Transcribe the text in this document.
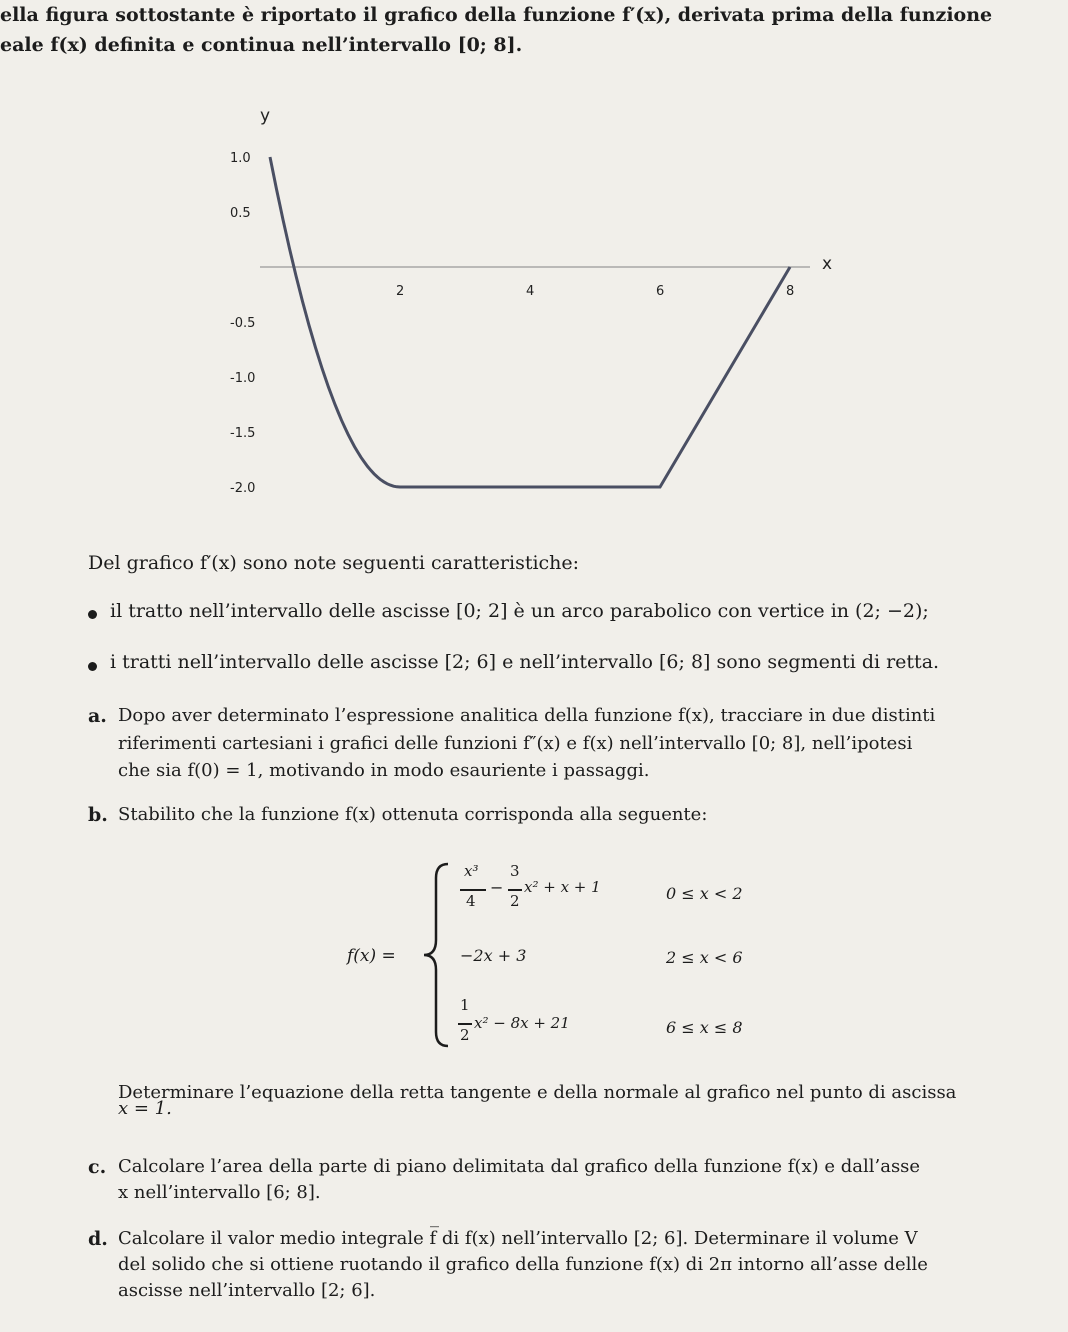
ella figura sottostante è riportato il grafico della funzione f′(x), derivata prima della funzione
eale f(x) definita e continua nell’intervallo [0; 8].
y
x
2	4	6	8
1.0
0.5
-0.5
-1.0
-1.5
-2.0
Del grafico f′(x) sono note seguenti caratteristiche:
il tratto nell’intervallo delle ascisse [0; 2] è un arco parabolico con vertice in (2; −2);
i tratti nell’intervallo delle ascisse [2; 6] e nell’intervallo [6; 8] sono segmenti di retta.
a. Dopo aver determinato l’espressione analitica della funzione f(x), tracciare in due distinti
riferimenti cartesiani i grafici delle funzioni f″(x) e f(x) nell’intervallo [0; 8], nell’ipotesi
che sia f(0) = 1, motivando in modo esauriente i passaggi.
b. Stabilito che la funzione f(x) ottenuta corrisponda alla seguente:
f(x) =
x³
4
−
3
2
x² + x + 1	0 ≤ x < 2
−2x + 3	2 ≤ x < 6
1
2
x² − 8x + 21	6 ≤ x ≤ 8
Determinare l’equazione della retta tangente e della normale al grafico nel punto di ascissa
x = 1.
c. Calcolare l’area della parte di piano delimitata dal grafico della funzione f(x) e dall’asse
x nell’intervallo [6; 8].
d. Calcolare il valor medio integrale f̅ di f(x) nell’intervallo [2; 6]. Determinare il volume V
del solido che si ottiene ruotando il grafico della funzione f(x) di 2π intorno all’asse delle
ascisse nell’intervallo [2; 6].
